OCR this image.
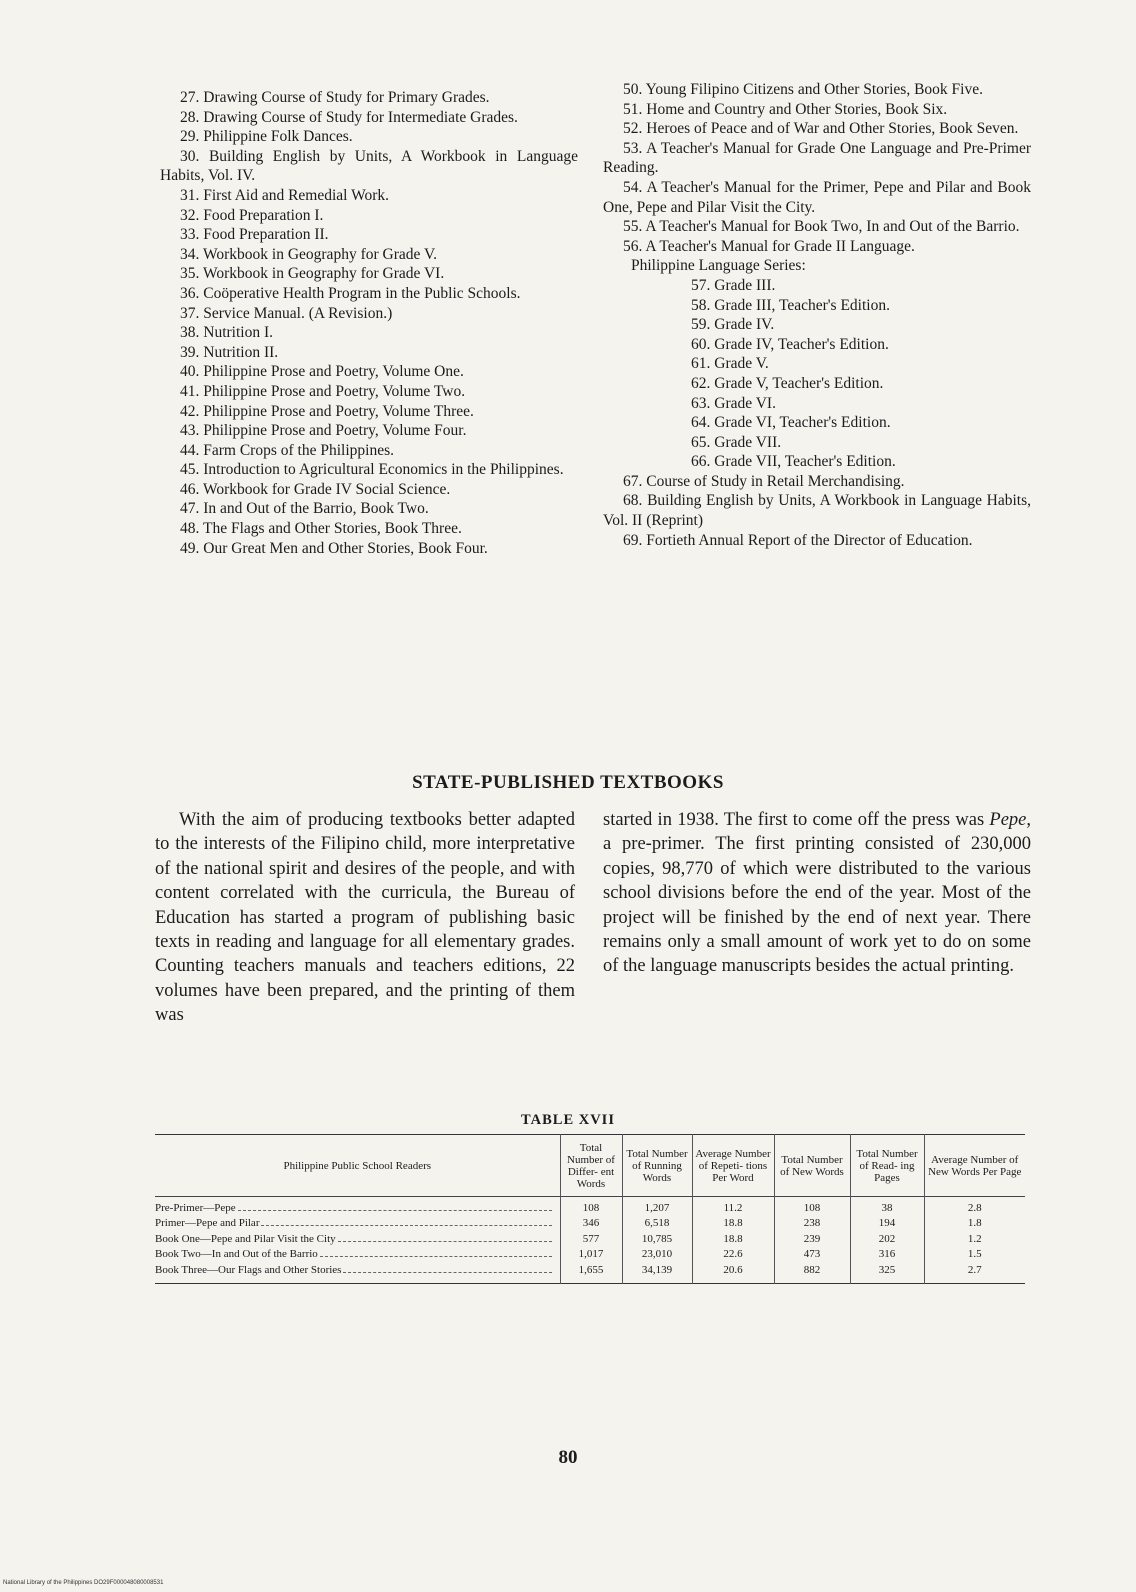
27. Drawing Course of Study for Primary Grades.

28. Drawing Course of Study for Intermediate Grades.

29. Philippine Folk Dances.

30. Building English by Units, A Workbook in Language Habits, Vol. IV.

31. First Aid and Remedial Work.

32. Food Preparation I.

33. Food Preparation II.

34. Workbook in Geography for Grade V.

35. Workbook in Geography for Grade VI.

36. Coöperative Health Program in the Public Schools.

37. Service Manual. (A Revision.)

38. Nutrition I.

39. Nutrition II.

40. Philippine Prose and Poetry, Volume One.

41. Philippine Prose and Poetry, Volume Two.

42. Philippine Prose and Poetry, Volume Three.

43. Philippine Prose and Poetry, Volume Four.

44. Farm Crops of the Philippines.

45. Introduction to Agricultural Economics in the Philippines.

46. Workbook for Grade IV Social Science.

47. In and Out of the Barrio, Book Two.

48. The Flags and Other Stories, Book Three.

49. Our Great Men and Other Stories, Book Four.

50. Young Filipino Citizens and Other Stories, Book Five.

51. Home and Country and Other Stories, Book Six.

52. Heroes of Peace and of War and Other Stories, Book Seven.

53. A Teacher's Manual for Grade One Language and Pre-Primer Reading.

54. A Teacher's Manual for the Primer, Pepe and Pilar and Book One, Pepe and Pilar Visit the City.

55. A Teacher's Manual for Book Two, In and Out of the Barrio.

56. A Teacher's Manual for Grade II Language.

Philippine Language Series:

57. Grade III.

58. Grade III, Teacher's Edition.

59. Grade IV.

60. Grade IV, Teacher's Edition.

61. Grade V.

62. Grade V, Teacher's Edition.

63. Grade VI.

64. Grade VI, Teacher's Edition.

65. Grade VII.

66. Grade VII, Teacher's Edition.

67. Course of Study in Retail Merchandising.

68. Building English by Units, A Workbook in Language Habits, Vol. II (Reprint)

69. Fortieth Annual Report of the Director of Education.

STATE-PUBLISHED TEXTBOOKS

With the aim of producing textbooks better adapted to the interests of the Filipino child, more interpretative of the national spirit and desires of the people, and with content correlated with the curricula, the Bureau of Education has started a program of publishing basic texts in reading and language for all elementary grades. Counting teachers manuals and teachers editions, 22 volumes have been prepared, and the printing of them was

started in 1938. The first to come off the press was Pepe, a pre-primer. The first printing consisted of 230,000 copies, 98,770 of which were distributed to the various school divisions before the end of the year. Most of the project will be finished by the end of next year. There remains only a small amount of work yet to do on some of the language manuscripts besides the actual printing.

TABLE XVII

Philippine Public School Readers	Total Number of Differ- ent Words	Total Number of Running Words	Average Number of Repeti- tions Per Word	Total Number of New Words	Total Number of Read- ing Pages	Average Number of New Words Per Page

Pre-Primer—Pepe	108	1,207	11.2	108	38	2.8

Primer—Pepe and Pilar	346	6,518	18.8	238	194	1.8

Book One—Pepe and Pilar Visit the City	577	10,785	18.8	239	202	1.2

Book Two—In and Out of the Barrio	1,017	23,010	22.6	473	316	1.5

Book Three—Our Flags and Other Stories	1,655	34,139	20.6	882	325	2.7

80

National Library of the Philippines DO29F000048080008531
